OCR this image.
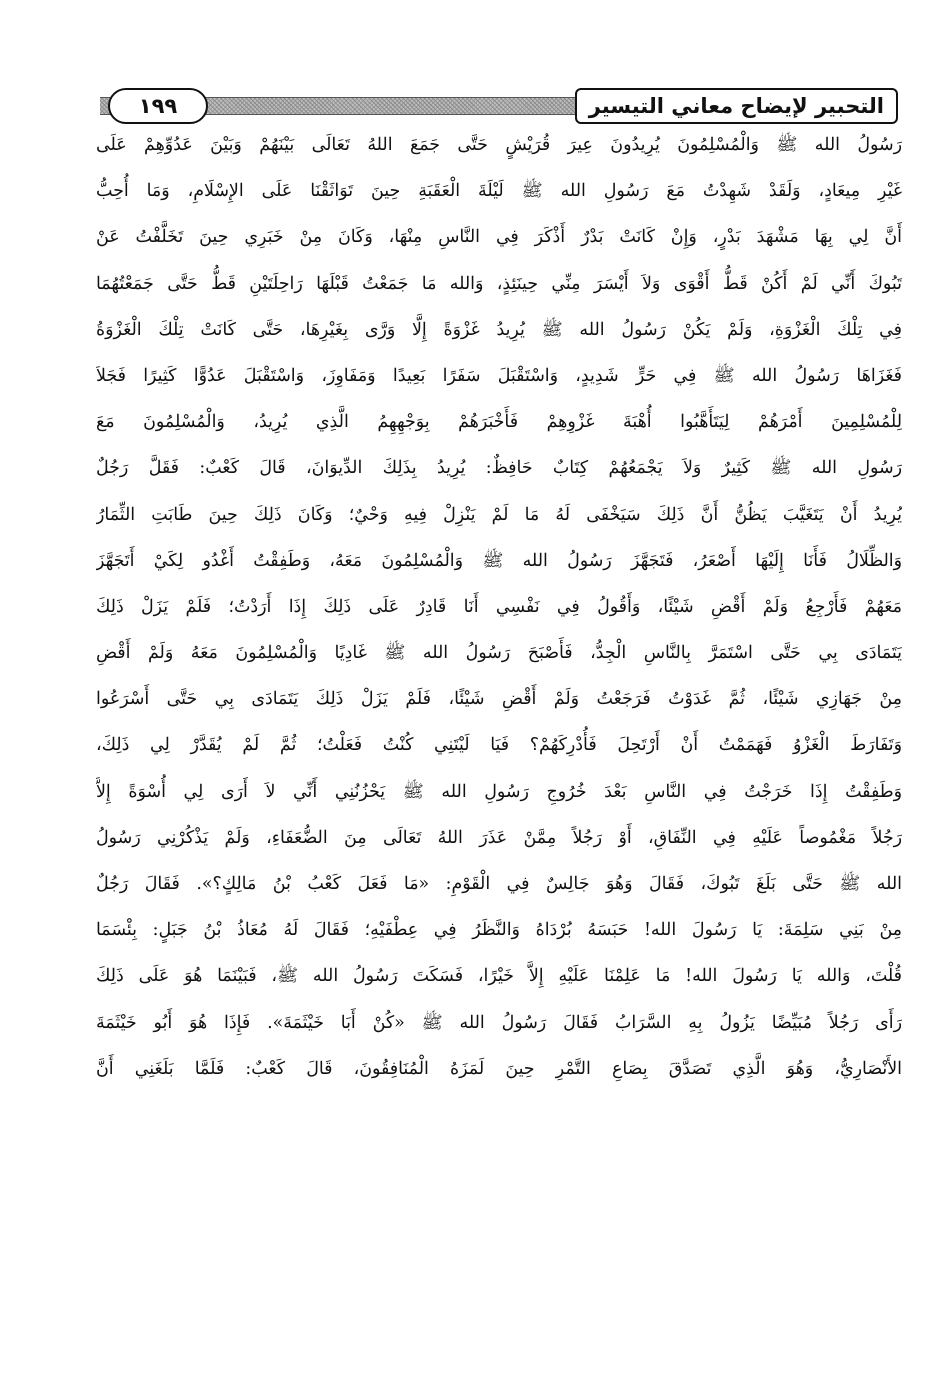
التحبير لإيضاح معاني التيسير
١٩٩
رَسُولُ الله ﷺ وَالْمُسْلِمُونَ يُرِيدُونَ عِيرَ قُرَيْشٍ حَتَّى جَمَعَ اللهُ تَعَالَى بَيْنَهُمْ وَبَيْنَ عَدُوِّهِمْ عَلَى
غَيْرِ مِيعَادٍ، وَلَقَدْ شَهِدْتُ مَعَ رَسُولِ الله ﷺ لَيْلَةَ الْعَقَبَةِ حِينَ تَوَاثَقْنَا عَلَى الإِسْلَامِ، وَمَا أُحِبُّ
أَنَّ لِي بِهَا مَشْهَدَ بَدْرٍ، وَإِنْ كَانَتْ بَدْرٌ أَذْكَرَ فِي النَّاسِ مِنْهَا، وَكَانَ مِنْ خَبَرِي حِينَ تَخَلَّفْتُ عَنْ
تَبُوكَ أَنِّي لَمْ أَكُنْ قَطُّ أَقْوَى وَلاَ أَيْسَرَ مِنِّي حِينَئِذٍ، وَالله مَا جَمَعْتُ قَبْلَهَا رَاحِلَتَيْنِ قَطُّ حَتَّى جَمَعْتُهُمَا
فِي تِلْكَ الْغَزْوَةِ، وَلَمْ يَكُنْ رَسُولُ الله ﷺ يُرِيدُ غَزْوَةً إِلَّا وَرَّى بِغَيْرِهَا، حَتَّى كَانَتْ تِلْكَ الْغَزْوَةُ
فَغَزَاهَا رَسُولُ الله ﷺ فِي حَرٍّ شَدِيدٍ، وَاسْتَقْبَلَ سَفَرًا بَعِيدًا وَمَفَاوِزَ، وَاسْتَقْبَلَ عَدُوًّا كَثِيرًا فَجَلاَ
لِلْمُسْلِمِينَ أَمْرَهُمْ لِيَتَأَهَّبُوا أُهْبَةَ غَزْوِهِمْ فَأَخْبَرَهُمْ بِوَجْهِهِمُ الَّذِي يُرِيدُ، وَالْمُسْلِمُونَ مَعَ
رَسُولِ الله ﷺ كَثِيرٌ وَلاَ يَجْمَعُهُمْ كِتَابٌ حَافِظٌ: يُرِيدُ بِذَلِكَ الدِّيوَانَ، قَالَ كَعْبٌ: فَقَلَّ رَجُلٌ
يُرِيدُ أَنْ يَتَغَيَّبَ يَظُنُّ أَنَّ ذَلِكَ سَيَخْفَى لَهُ مَا لَمْ يَنْزِلْ فِيهِ وَحْيٌ؛ وَكَانَ ذَلِكَ حِينَ طَابَتِ الثِّمَارُ
وَالظِّلَالُ فَأَنَا إِلَيْهَا أَصْعَرُ، فَتَجَهَّزَ رَسُولُ الله ﷺ وَالْمُسْلِمُونَ مَعَهُ، وَطَفِقْتُ أَغْدُو لِكَيْ أَتَجَهَّزَ
مَعَهُمْ فَأَرْجِعُ وَلَمْ أَقْضِ شَيْئًا، وَأَقُولُ فِي نَفْسِي أَنَا قَادِرٌ عَلَى ذَلِكَ إِذَا أَرَدْتُ؛ فَلَمْ يَزَلْ ذَلِكَ
يَتَمَادَى بِي حَتَّى اسْتَمَرَّ بِالنَّاسِ الْجِدُّ، فَأَصْبَحَ رَسُولُ الله ﷺ غَادِيًا وَالْمُسْلِمُونَ مَعَهُ وَلَمْ أَقْضِ
مِنْ جَهَازِي شَيْئًا، ثُمَّ غَدَوْتُ فَرَجَعْتُ وَلَمْ أَقْضِ شَيْئًا، فَلَمْ يَزَلْ ذَلِكَ يَتَمَادَى بِي حَتَّى أَسْرَعُوا
وَتَفَارَطَ الْغَزْوُ فَهَمَمْتُ أَنْ أَرْتَحِلَ فَأُدْرِكَهُمْ؟ فَيَا لَيْتَنِي كُنْتُ فَعَلْتُ؛ ثُمَّ لَمْ يُقَدَّرْ لِي ذَلِكَ،
وَطَفِقْتُ إِذَا خَرَجْتُ فِي النَّاسِ بَعْدَ خُرُوجِ رَسُولِ الله ﷺ يَحْزُنُنِي أَنِّي لاَ أَرَى لِي أُسْوَةً إِلاَّ
رَجُلاً مَغْمُوصاً عَلَيْهِ فِي النِّفَاقِ، أَوْ رَجُلاً مِمَّنْ عَذَرَ اللهُ تَعَالَى مِنَ الضُّعَفَاءِ، وَلَمْ يَذْكُرْنِي رَسُولُ
الله ﷺ حَتَّى بَلَغَ تَبُوكَ، فَقَالَ وَهُوَ جَالِسٌ فِي الْقَوْمِ: «مَا فَعَلَ كَعْبُ بْنُ مَالِكٍ؟». فَقَالَ رَجُلٌ
مِنْ بَنِي سَلِمَةَ: يَا رَسُولَ الله! حَبَسَهُ بُرْدَاهُ وَالنَّظَرُ فِي عِطْفَيْهِ؛ فَقَالَ لَهُ مُعَاذُ بْنُ جَبَلٍ: بِئْسَمَا
قُلْتَ، وَالله يَا رَسُولَ الله! مَا عَلِمْنَا عَلَيْهِ إِلاَّ خَيْرًا، فَسَكَتَ رَسُولُ الله ﷺ، فَبَيْنَمَا هُوَ عَلَى ذَلِكَ
رَأَى رَجُلاً مُبَيِّضًا يَزُولُ بِهِ السَّرَابُ فَقَالَ رَسُولُ الله ﷺ «كُنْ أَبَا خَيْثَمَةَ». فَإِذَا هُوَ أَبُو خَيْثَمَةَ
الأَنْصَارِيُّ، وَهُوَ الَّذِي تَصَدَّقَ بِصَاعِ التَّمْرِ حِينَ لَمَزَهُ الْمُنَافِقُونَ، قَالَ كَعْبٌ: فَلَمَّا بَلَغَنِي أَنَّ
